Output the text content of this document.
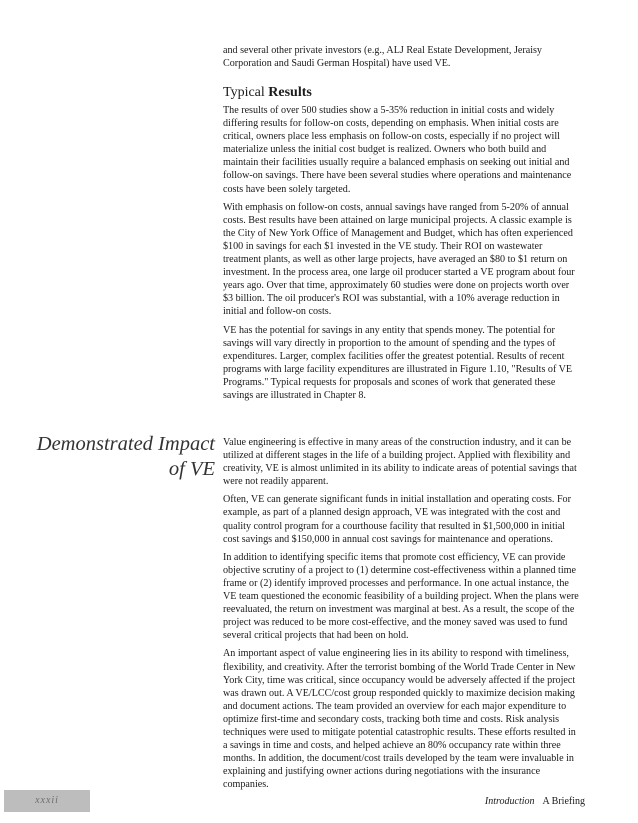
and several other private investors (e.g., ALJ Real Estate Development, Jeraisy Corporation and Saudi German Hospital) have used VE.

Typical Results

The results of over 500 studies show a 5-35% reduction in initial costs and widely differing results for follow-on costs, depending on emphasis. When initial costs are critical, owners place less emphasis on follow-on costs, especially if no project will materialize unless the initial cost budget is realized. Owners who both build and maintain their facilities usually require a balanced emphasis on seeking out initial and follow-on savings. There have been several studies where operations and maintenance costs have been solely targeted.

With emphasis on follow-on costs, annual savings have ranged from 5-20% of annual costs. Best results have been attained on large municipal projects. A classic example is the City of New York Office of Management and Budget, which has often experienced $100 in savings for each $1 invested in the VE study. Their ROI on wastewater treatment plants, as well as other large projects, have averaged an $80 to $1 return on investment. In the process area, one large oil producer started a VE program about four years ago. Over that time, approximately 60 studies were done on projects worth over $3 billion. The oil producer's ROI was substantial, with a 10% average reduction in initial and follow-on costs.

VE has the potential for savings in any entity that spends money. The potential for savings will vary directly in proportion to the amount of spending and the types of expenditures. Larger, complex facilities offer the greatest potential. Results of recent programs with large facility expenditures are illustrated in Figure 1.10, "Results of VE Programs." Typical requests for proposals and scones of work that generated these savings are illustrated in Chapter 8.

Demonstrated Impact
of VE

Value engineering is effective in many areas of the construction industry, and it can be utilized at different stages in the life of a building project. Applied with flexibility and creativity, VE is almost unlimited in its ability to indicate areas of potential savings that were not readily apparent.

Often, VE can generate significant funds in initial installation and operating costs. For example, as part of a planned design approach, VE was integrated with the cost and quality control program for a courthouse facility that resulted in $1,500,000 in initial cost savings and $150,000 in annual cost savings for maintenance and operations.

In addition to identifying specific items that promote cost efficiency, VE can provide objective scrutiny of a project to (1) determine cost-effectiveness within a planned time frame or (2) identify improved processes and performance. In one actual instance, the VE team questioned the economic feasibility of a building project. When the plans were reevaluated, the return on investment was marginal at best. As a result, the scope of the project was reduced to be more cost-effective, and the money saved was used to fund several critical projects that had been on hold.

An important aspect of value engineering lies in its ability to respond with timeliness, flexibility, and creativity. After the terrorist bombing of the World Trade Center in New York City, time was critical, since occupancy would be adversely affected if the project was drawn out. A VE/LCC/cost group responded quickly to maximize decision making and document actions. The team provided an overview for each major expenditure to optimize first-time and secondary costs, tracking both time and costs. Risk analysis techniques were used to mitigate potential catastrophic results. These efforts resulted in a savings in time and costs, and helped achieve an 80% occupancy rate within three months. In addition, the document/cost trails developed by the team were invaluable in explaining and justifying owner actions during negotiations with the insurance companies.

xxxii	Introduction A Briefing
